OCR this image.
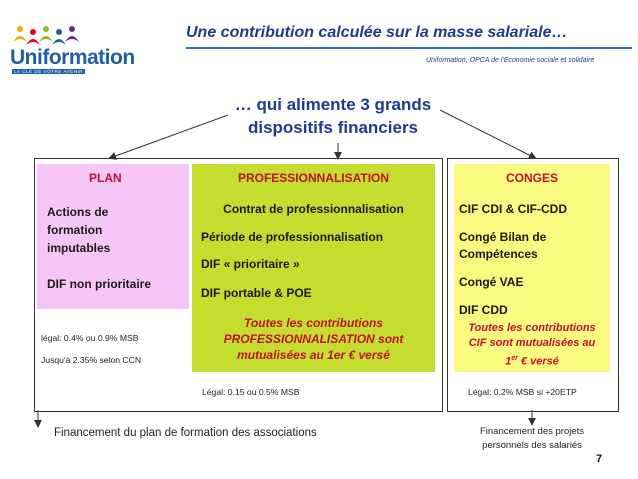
Uniformation
LA CLÉ DE VOTRE AVENIR
Une contribution calculée sur la masse salariale…
Uniformation, OPCA de l'Economie sociale et solidaire
… qui alimente 3 grands
dispositifs financiers
PLAN
Actions de
formation
imputables
DIF non prioritaire
légal: 0.4% ou 0.9% MSB
Jusqu'à 2.35% selon CCN
PROFESSIONNALISATION
Contrat de professionnalisation
Période de professionnalisation
DIF « prioritaire »
DIF portable & POE
Toutes les contributions
PROFESSIONNALISATION sont
mutualisées au 1er € versé
Légal: 0.15 ou 0.5% MSB
CONGES
CIF CDI & CIF-CDD
Congé Bilan de
Compétences
Congé VAE
DIF CDD
Toutes les contributions
CIF sont mutualisées au
1er € versé
Légal: 0.2% MSB si +20ETP
Financement du plan de formation des associations	Financement des projets
personnels des salariés
7
